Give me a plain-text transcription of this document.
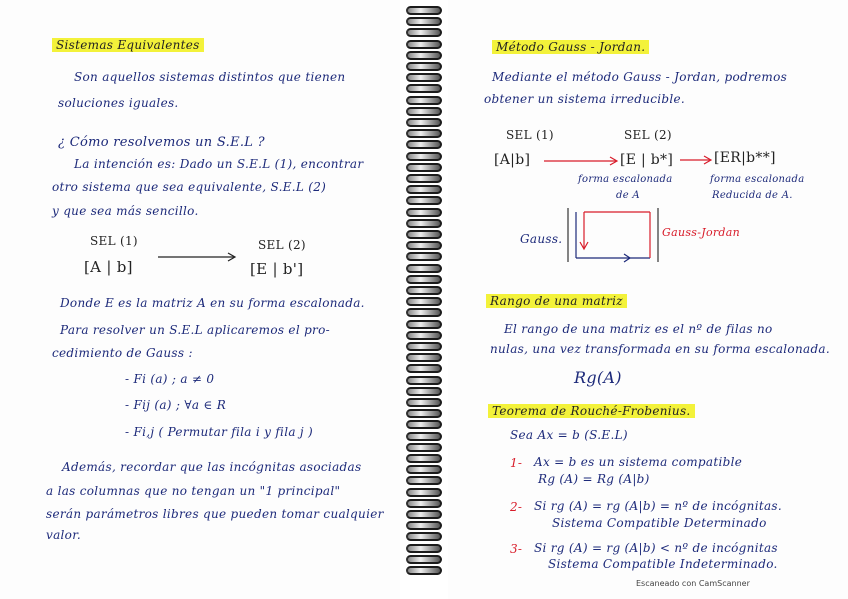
Sistemas Equivalentes
Son aquellos sistemas distintos que tienen
soluciones iguales.
¿ Cómo resolvemos un S.E.L ?
La intención es: Dado un S.E.L (1), encontrar
otro sistema que sea equivalente, S.E.L (2)
y que sea más sencillo.
SEL (1)	SEL (2)
[A | b]	[E | b']
Donde E es la matriz A en su forma escalonada.
Para resolver un S.E.L aplicaremos el pro-
cedimiento de Gauss :
- Fi (a) ; a ≠ 0
- Fij (a) ; ∀a ∈ R
- Fi,j ( Permutar fila i y fila j )
Además, recordar que las incógnitas asociadas
a las columnas que no tengan un "1 principal"
serán parámetros libres que pueden tomar cualquier
valor.
Método Gauss - Jordan.
Mediante el método Gauss - Jordan, podremos
obtener un sistema irreducible.
SEL (1)	SEL (2)
[A|b]	[E | b*]	[ER|b**]
forma escalonada
de A
forma escalonada
Reducida de A.
Gauss.	Gauss-Jordan
Rango de una matriz
El rango de una matriz es el nº de filas no
nulas, una vez transformada en su forma escalonada.
Rg(A)
Teorema de Rouché-Frobenius.
Sea Ax = b (S.E.L)
1- Ax = b es un sistema compatible
Rg (A) = Rg (A|b)
2- Si rg (A) = rg (A|b) = nº de incógnitas.
Sistema Compatible Determinado
3- Si rg (A) = rg (A|b) < nº de incógnitas
Sistema Compatible Indeterminado.
Escaneado con CamScanner
